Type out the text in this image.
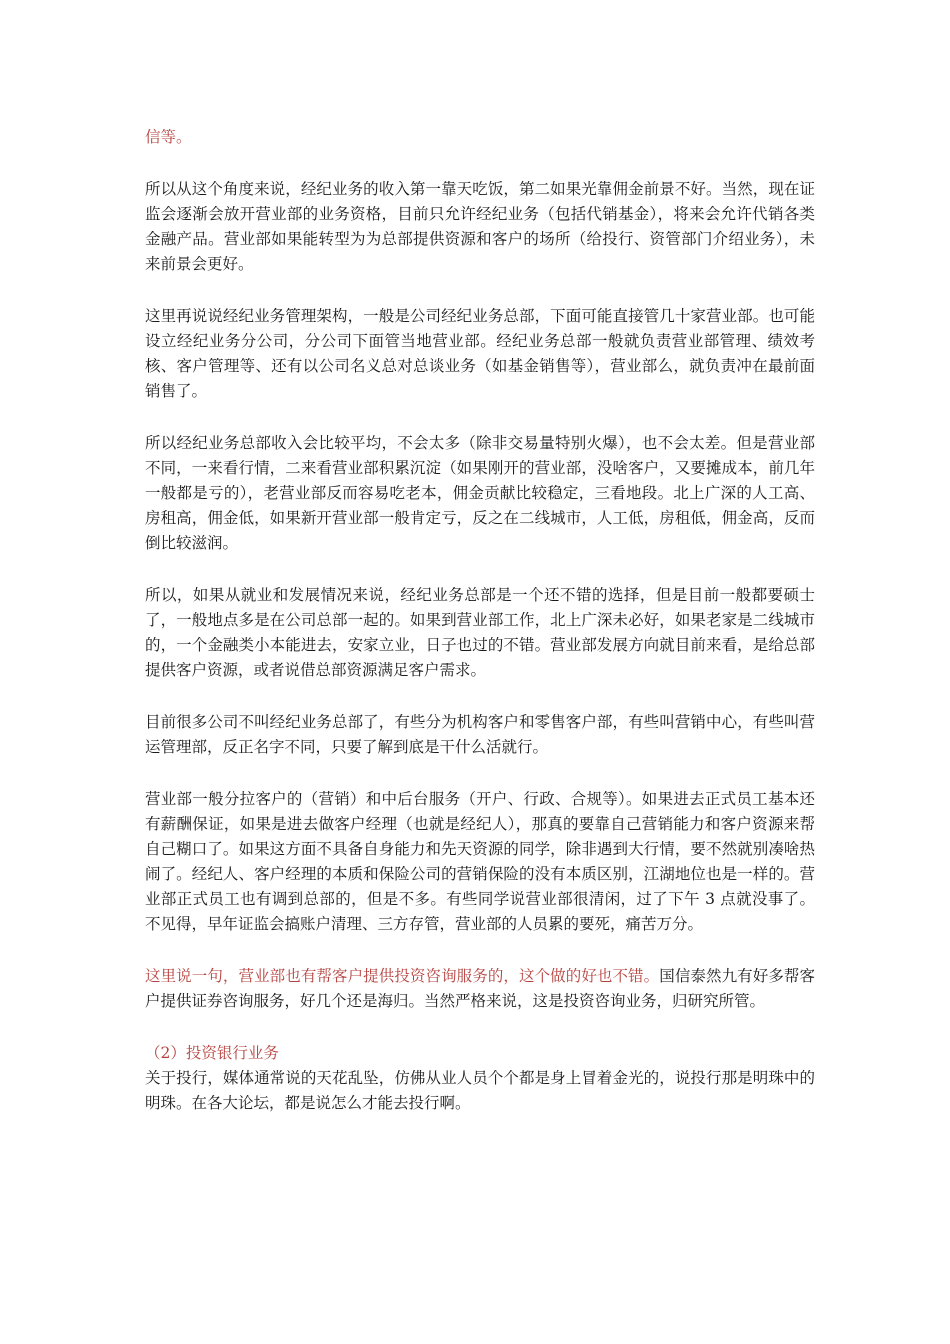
信等。

所以从这个角度来说，经纪业务的收入第一靠天吃饭，第二如果光靠佣金前景不好。当然，现在证监会逐渐会放开营业部的业务资格，目前只允许经纪业务（包括代销基金），将来会允许代销各类金融产品。营业部如果能转型为为总部提供资源和客户的场所（给投行、资管部门介绍业务），未来前景会更好。

这里再说说经纪业务管理架构，一般是公司经纪业务总部，下面可能直接管几十家营业部。也可能设立经纪业务分公司，分公司下面管当地营业部。经纪业务总部一般就负责营业部管理、绩效考核、客户管理等、还有以公司名义总对总谈业务（如基金销售等），营业部么，就负责冲在最前面销售了。

所以经纪业务总部收入会比较平均，不会太多（除非交易量特别火爆），也不会太差。但是营业部不同，一来看行情，二来看营业部积累沉淀（如果刚开的营业部，没啥客户，又要摊成本，前几年一般都是亏的），老营业部反而容易吃老本，佣金贡献比较稳定，三看地段。北上广深的人工高、房租高，佣金低，如果新开营业部一般肯定亏，反之在二线城市，人工低，房租低，佣金高，反而倒比较滋润。

所以，如果从就业和发展情况来说，经纪业务总部是一个还不错的选择，但是目前一般都要硕士了，一般地点多是在公司总部一起的。如果到营业部工作，北上广深未必好，如果老家是二线城市的，一个金融类小本能进去，安家立业，日子也过的不错。营业部发展方向就目前来看，是给总部提供客户资源，或者说借总部资源满足客户需求。

目前很多公司不叫经纪业务总部了，有些分为机构客户和零售客户部，有些叫营销中心，有些叫营运管理部，反正名字不同，只要了解到底是干什么活就行。

营业部一般分拉客户的（营销）和中后台服务（开户、行政、合规等）。如果进去正式员工基本还有薪酬保证，如果是进去做客户经理（也就是经纪人），那真的要靠自己营销能力和客户资源来帮自己糊口了。如果这方面不具备自身能力和先天资源的同学，除非遇到大行情，要不然就别凑啥热闹了。经纪人、客户经理的本质和保险公司的营销保险的没有本质区别，江湖地位也是一样的。营业部正式员工也有调到总部的，但是不多。有些同学说营业部很清闲，过了下午 3 点就没事了。不见得，早年证监会搞账户清理、三方存管，营业部的人员累的要死，痛苦万分。

这里说一句，营业部也有帮客户提供投资咨询服务的，这个做的好也不错。国信泰然九有好多帮客户提供证券咨询服务，好几个还是海归。当然严格来说，这是投资咨询业务，归研究所管。

（2）投资银行业务

关于投行，媒体通常说的天花乱坠，仿佛从业人员个个都是身上冒着金光的，说投行那是明珠中的明珠。在各大论坛，都是说怎么才能去投行啊。
